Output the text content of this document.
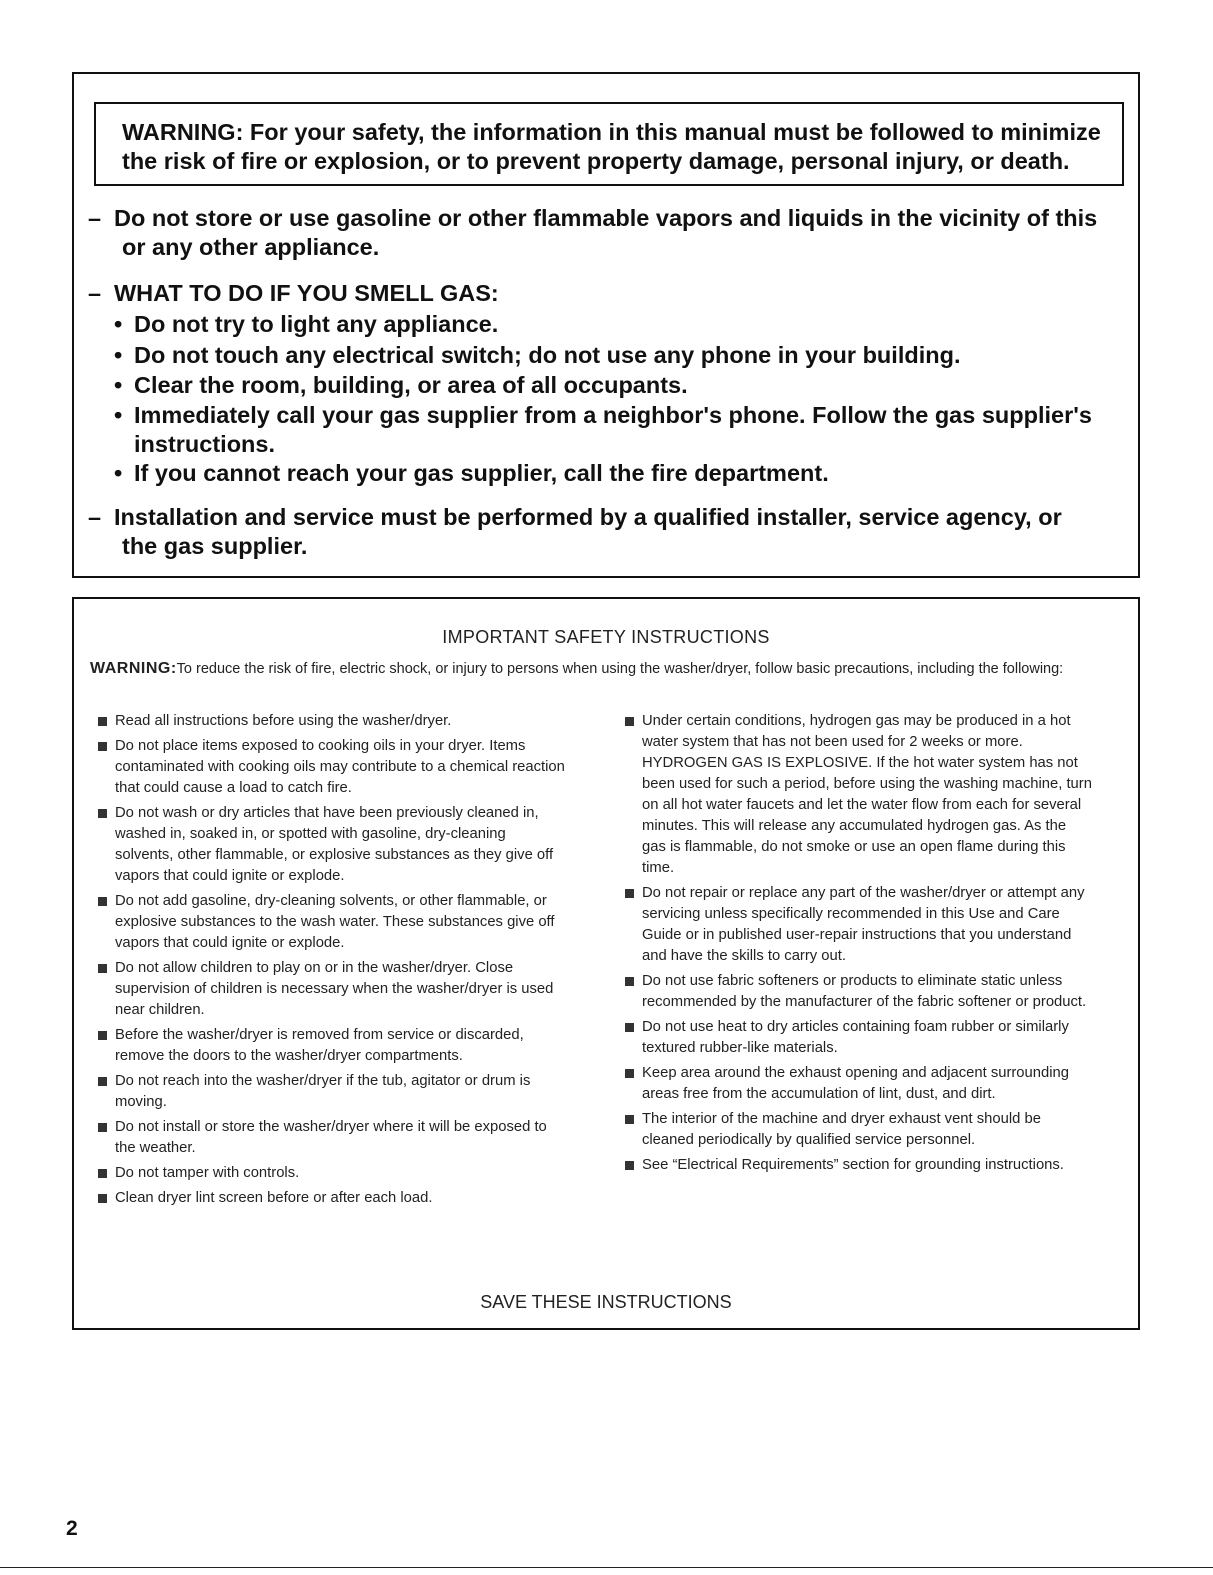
WARNING: For your safety, the information in this manual must be followed to minimize
the risk of fire or explosion, or to prevent property damage, personal injury, or death.
– Do not store or use gasoline or other flammable vapors and liquids in the vicinity of this
or any other appliance.
– WHAT TO DO IF YOU SMELL GAS:
• Do not try to light any appliance.
• Do not touch any electrical switch; do not use any phone in your building.
• Clear the room, building, or area of all occupants.
• Immediately call your gas supplier from a neighbor's phone. Follow the gas supplier's
instructions.
• If you cannot reach your gas supplier, call the fire department.
– Installation and service must be performed by a qualified installer, service agency, or
the gas supplier.
IMPORTANT SAFETY INSTRUCTIONS
WARNING:To reduce the risk of fire, electric shock, or injury to persons when using the washer/dryer, follow basic precautions, including the following:
Read all instructions before using the washer/dryer.
Do not place items exposed to cooking oils in your dryer. Items contaminated with cooking oils may contribute to a chemical reaction that could cause a load to catch fire.
Do not wash or dry articles that have been previously cleaned in, washed in, soaked in, or spotted with gasoline, dry-cleaning solvents, other flammable, or explosive substances as they give off vapors that could ignite or explode.
Do not add gasoline, dry-cleaning solvents, or other flammable, or explosive substances to the wash water. These substances give off vapors that could ignite or explode.
Do not allow children to play on or in the washer/dryer. Close supervision of children is necessary when the washer/dryer is used near children.
Before the washer/dryer is removed from service or discarded, remove the doors to the washer/dryer compartments.
Do not reach into the washer/dryer if the tub, agitator or drum is moving.
Do not install or store the washer/dryer where it will be exposed to the weather.
Do not tamper with controls.
Clean dryer lint screen before or after each load.
Under certain conditions, hydrogen gas may be produced in a hot water system that has not been used for 2 weeks or more. HYDROGEN GAS IS EXPLOSIVE. If the hot water system has not been used for such a period, before using the washing machine, turn on all hot water faucets and let the water flow from each for several minutes. This will release any accumulated hydrogen gas. As the gas is flammable, do not smoke or use an open flame during this time.
Do not repair or replace any part of the washer/dryer or attempt any servicing unless specifically recommended in this Use and Care Guide or in published user-repair instructions that you understand and have the skills to carry out.
Do not use fabric softeners or products to eliminate static unless recommended by the manufacturer of the fabric softener or product.
Do not use heat to dry articles containing foam rubber or similarly textured rubber-like materials.
Keep area around the exhaust opening and adjacent surrounding areas free from the accumulation of lint, dust, and dirt.
The interior of the machine and dryer exhaust vent should be cleaned periodically by qualified service personnel.
See “Electrical Requirements” section for grounding instructions.
SAVE THESE INSTRUCTIONS
2
